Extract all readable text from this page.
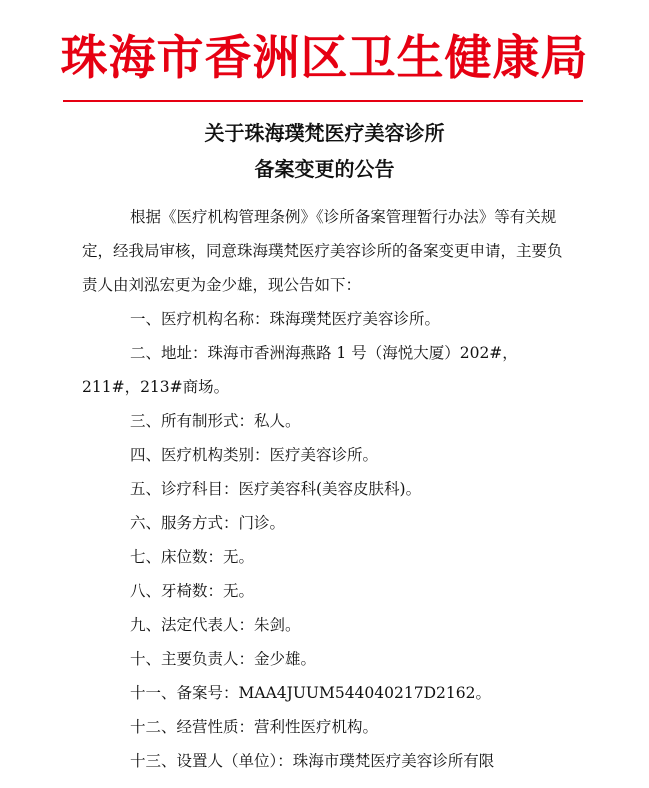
珠海市香洲区卫生健康局
关于珠海璞梵医疗美容诊所
备案变更的公告

根据《医疗机构管理条例》《诊所备案管理暂行办法》等有关规定，经我局审核，同意珠海璞梵医疗美容诊所的备案变更申请，主要负责人由刘泓宏更为金少雄，现公告如下：

一、医疗机构名称：珠海璞梵医疗美容诊所。

二、地址：珠海市香洲海燕路 1 号（海悦大厦）202#，

211#，213#商场。

三、所有制形式：私人。

四、医疗机构类别：医疗美容诊所。

五、诊疗科目：医疗美容科(美容皮肤科)。

六、服务方式：门诊。

七、床位数：无。

八、牙椅数：无。

九、法定代表人：朱剑。

十、主要负责人：金少雄。

十一、备案号：MAA4JUUM544040217D2162。

十二、经营性质：营利性医疗机构。

十三、设置人（单位）：珠海市璞梵医疗美容诊所有限
